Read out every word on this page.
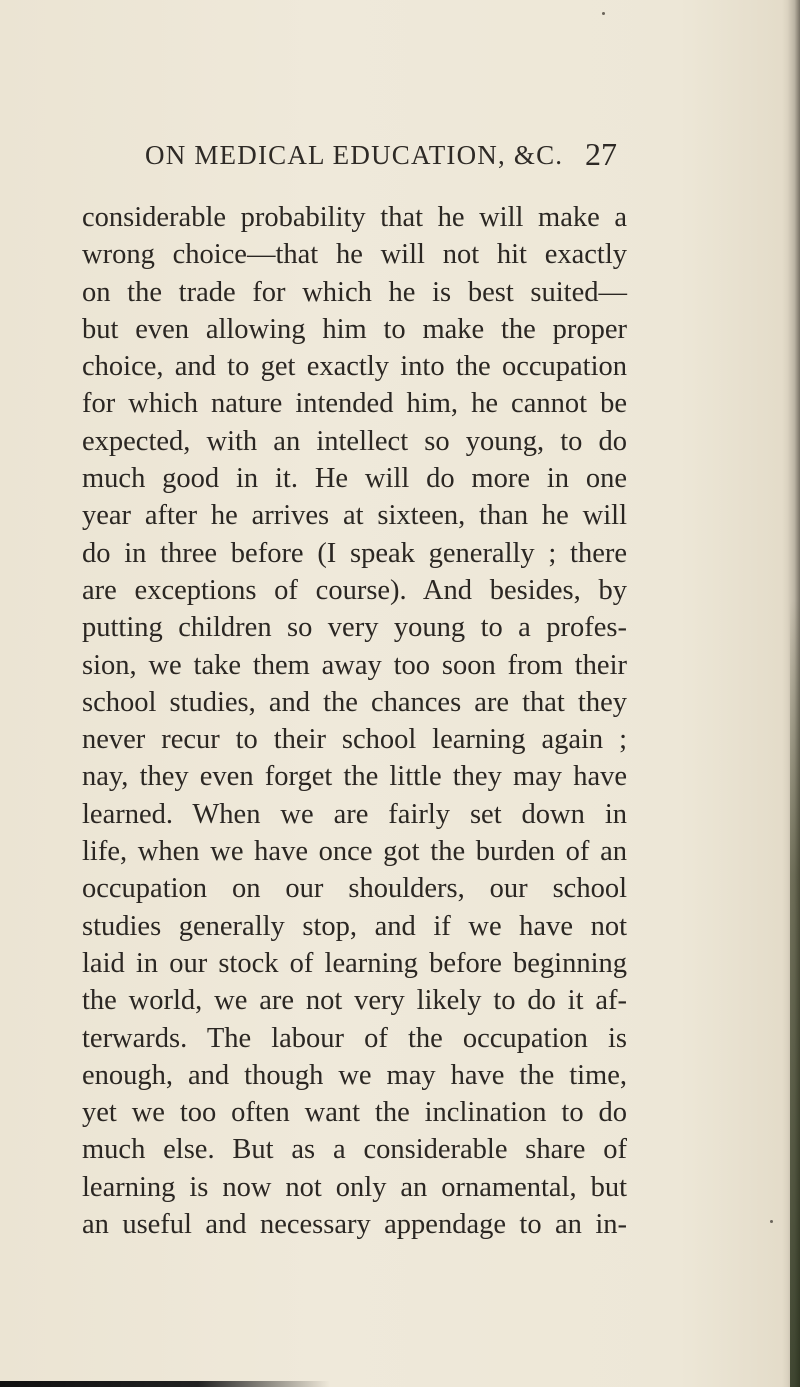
ON MEDICAL EDUCATION, &C. 27
considerable probability that he will make a
wrong choice—that he will not hit exactly
on the trade for which he is best suited—
but even allowing him to make the proper
choice, and to get exactly into the occupation
for which nature intended him, he cannot be
expected, with an intellect so young, to do
much good in it. He will do more in one
year after he arrives at sixteen, than he will
do in three before (I speak generally ; there
are exceptions of course). And besides, by
putting children so very young to a profes-
sion, we take them away too soon from their
school studies, and the chances are that they
never recur to their school learning again ;
nay, they even forget the little they may have
learned. When we are fairly set down in
life, when we have once got the burden of an
occupation on our shoulders, our school
studies generally stop, and if we have not
laid in our stock of learning before beginning
the world, we are not very likely to do it af-
terwards. The labour of the occupation is
enough, and though we may have the time,
yet we too often want the inclination to do
much else. But as a considerable share of
learning is now not only an ornamental, but
an useful and necessary appendage to an in-
